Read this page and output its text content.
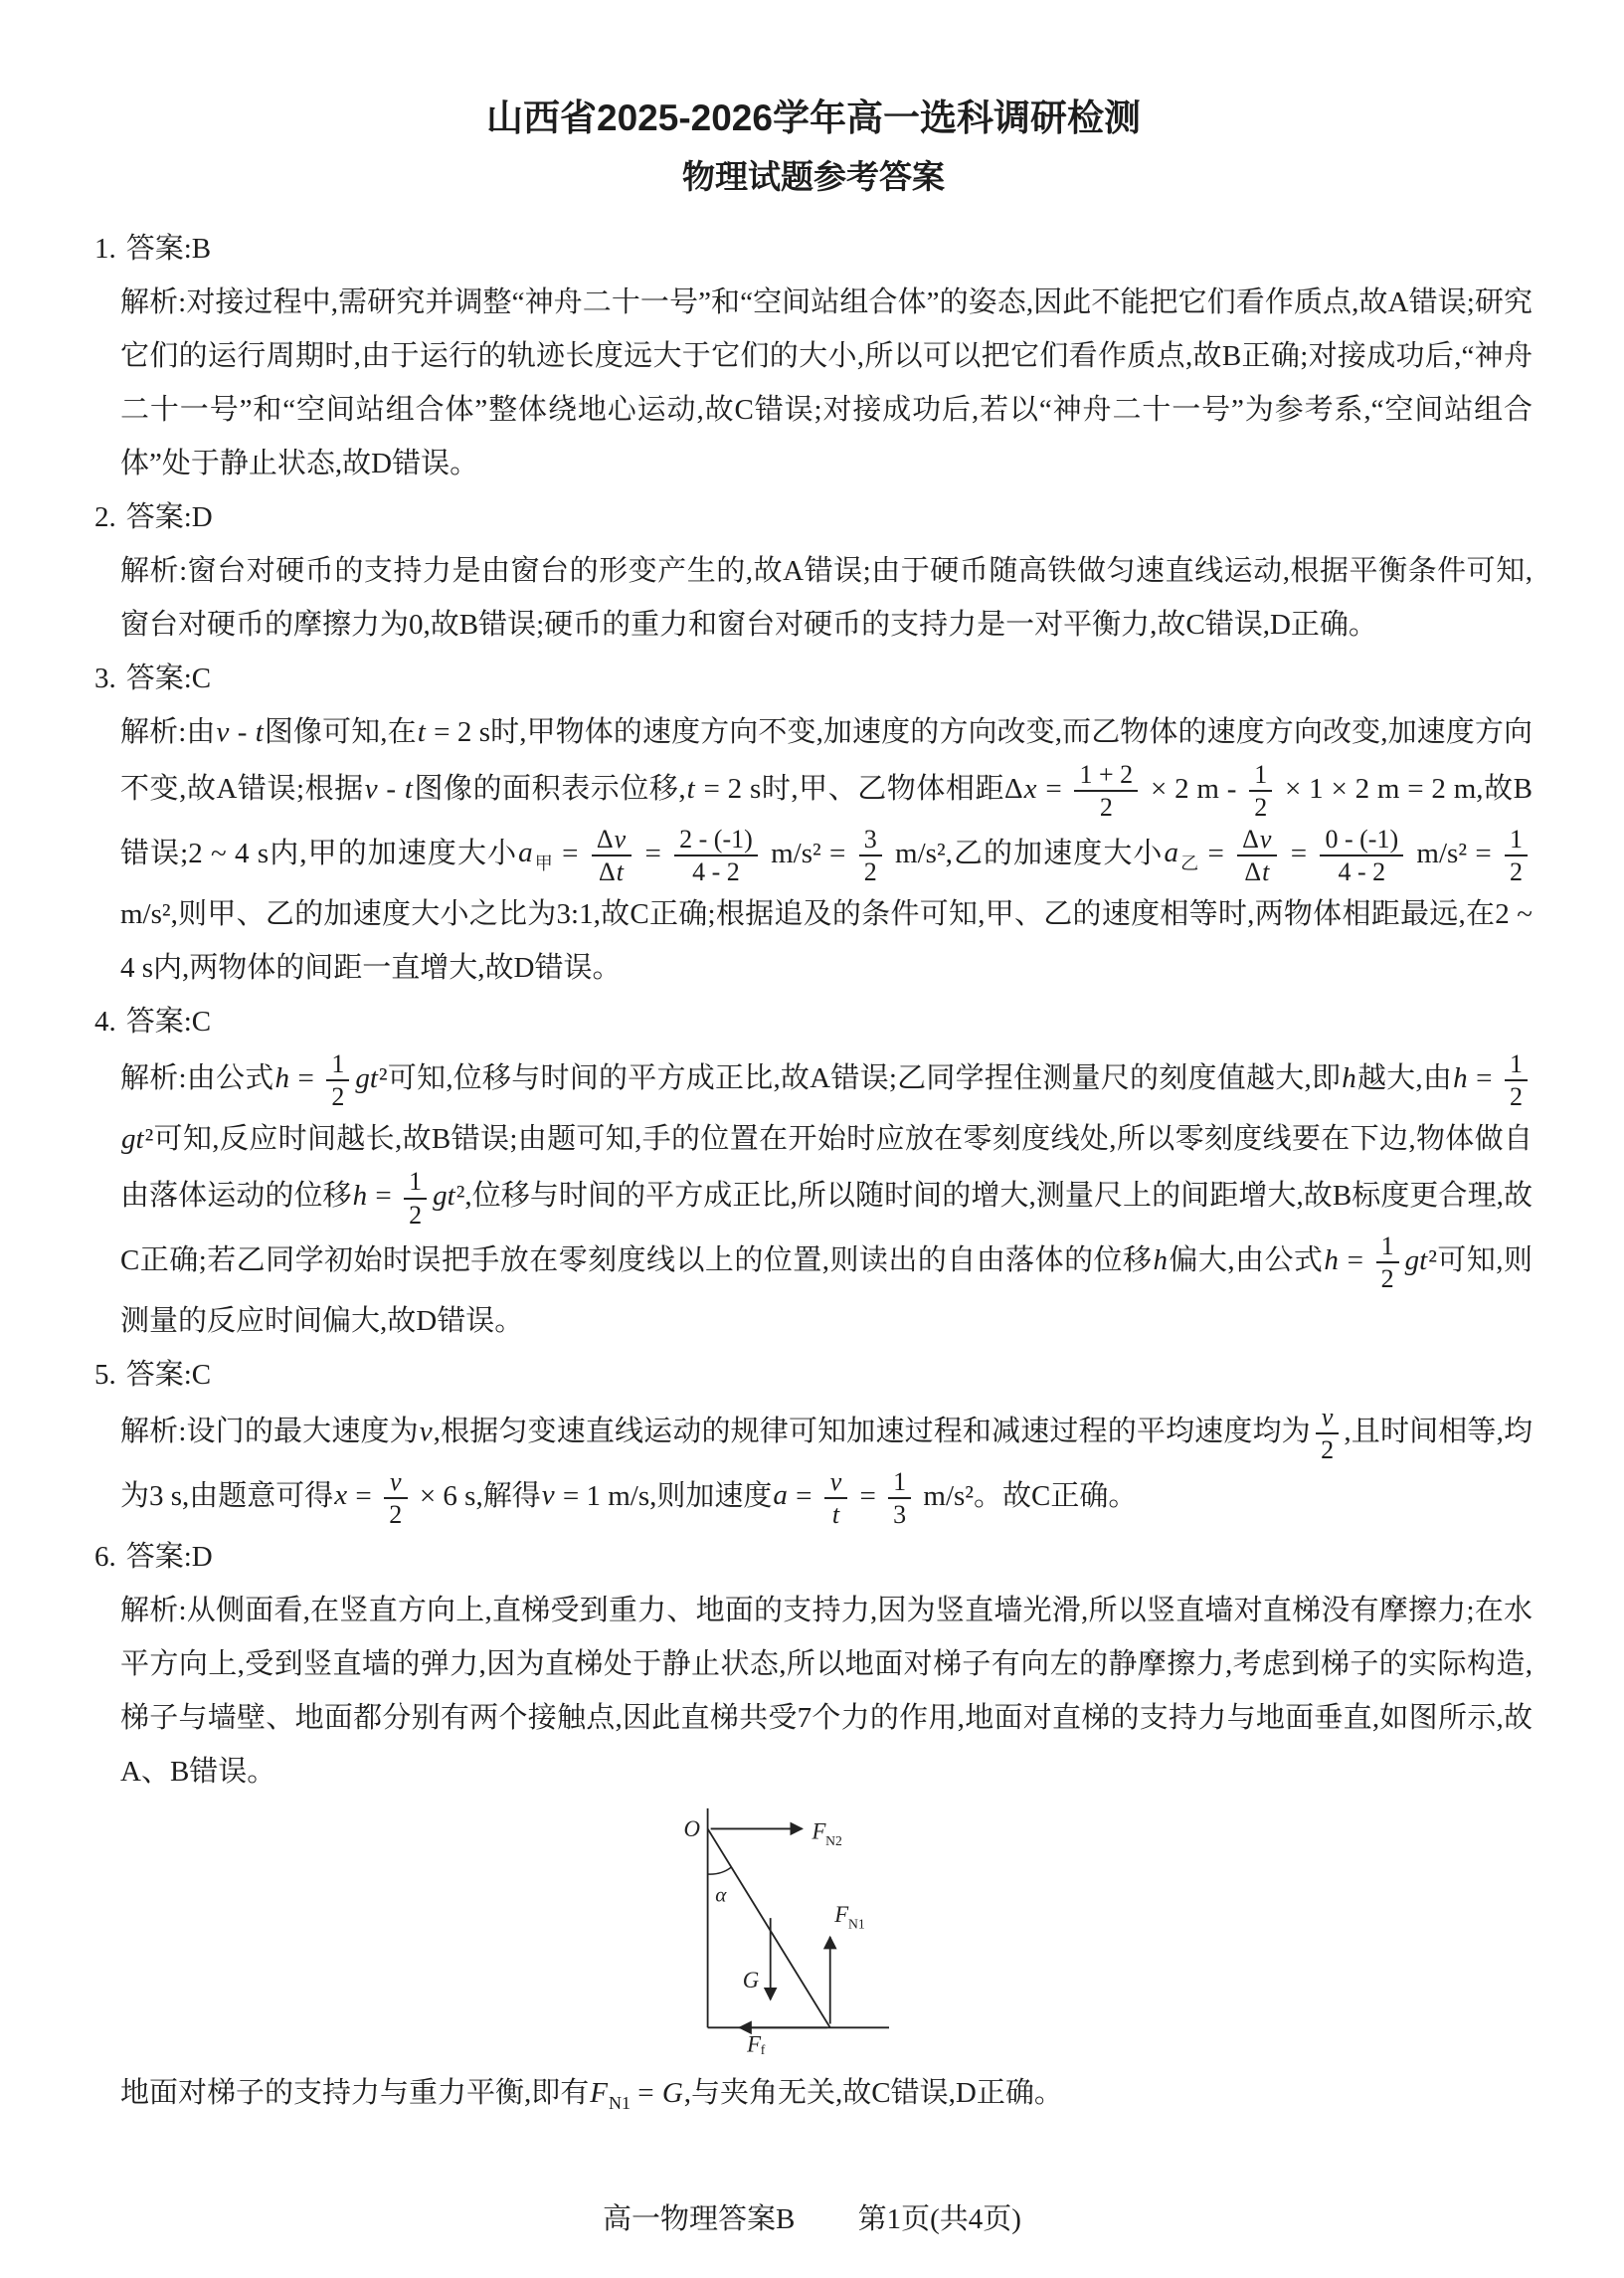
山西省2025-2026学年高一选科调研检测
物理试题参考答案
1. 答案:B
解析:对接过程中,需研究并调整“神舟二十一号”和“空间站组合体”的姿态,因此不能把它们看作质点,故A错误;研究它们的运行周期时,由于运行的轨迹长度远大于它们的大小,所以可以把它们看作质点,故B正确;对接成功后,“神舟二十一号”和“空间站组合体”整体绕地心运动,故C错误;对接成功后,若以“神舟二十一号”为参考系,“空间站组合体”处于静止状态,故D错误。
2. 答案:D
解析:窗台对硬币的支持力是由窗台的形变产生的,故A错误;由于硬币随高铁做匀速直线运动,根据平衡条件可知,窗台对硬币的摩擦力为0,故B错误;硬币的重力和窗台对硬币的支持力是一对平衡力,故C错误,D正确。
3. 答案:C
解析:由v - t图像可知,在t = 2 s时,甲物体的速度方向不变,加速度的方向改变,而乙物体的速度方向改变,加速度方向不变,故A错误;根据v - t图像的面积表示位移,t = 2 s时,甲、乙物体相距$\Delta x = \frac{1 + 2}{2} \times 2$ $m - \frac{1}{2} \times 1 \times 2$ m = 2 m,故B错误;2 ~ 4 s内,甲的加速度大小$a_甲 = \frac{\Delta v}{\Delta t} = \frac{2 - (-1)}{4 - 2} m/s^2 = \frac{3}{2} m/s^2$,乙的加速度大小$a_乙 = \frac{\Delta v}{\Delta t} = \frac{0 - (-1)}{4 - 2} m/s^2 = \frac{1}{2}$
m/s²,则甲、乙的加速度大小之比为3:1,故C正确;根据追及的条件可知,甲、乙的速度相等时,两物体相距最远,在2 ~ 4 s内,两物体的间距一直增大,故D错误。
4. 答案:C
解析:由公式$h = \frac{1}{2} gt^2$可知,位移与时间的平方成正比,故A错误;乙同学捏住测量尺的刻度值越大,即h越大,由$h = \frac{1}{2}$
gt²可知,反应时间越长,故B错误;由题可知,手的位置在开始时应放在零刻度线处,所以零刻度线要在下边,物体做自由落体运动的位移$h = \frac{1}{2} gt^2$,位移与时间的平方成正比,所以随时间的增大,测量尺上的间距增大,故B标度更合理,故C正确;若乙同学初始时误把手放在零刻度线以上的位置,则读出的自由落体的位移h偏大,由公式$h = \frac{1}{2} gt^2$可知,则测量的反应时间偏大,故D错误。
5. 答案:C
解析:设门的最大速度为v,根据匀变速直线运动的规律可知加速过程和减速过程的平均速度均为 $\frac{v}{2}$ ,且时间相等,均为3 s,由题意可得$x = \frac{v}{2} \times 6$ s,解得v = 1 m/s,则加速度$a = \frac{v}{t} = \frac{1}{3} m/s^2$。故C正确。
6. 答案:D
解析:从侧面看,在竖直方向上,直梯受到重力、地面的支持力,因为竖直墙光滑,所以竖直墙对直梯没有摩擦力;在水平方向上,受到竖直墙的弹力,因为直梯处于静止状态,所以地面对梯子有向左的静摩擦力,考虑到梯子的实际构造,梯子与墙壁、地面都分别有两个接触点,因此直梯共受7个力的作用,地面对直梯的支持力与地面垂直,如图所示,故A、B错误。
O
α
F N2
F N1
G
F f
地面对梯子的支持力与重力平衡,即有$F_{N1} = G$,与夹角无关,故C错误,D正确。
高一物理答案B 第1页(共4页)
